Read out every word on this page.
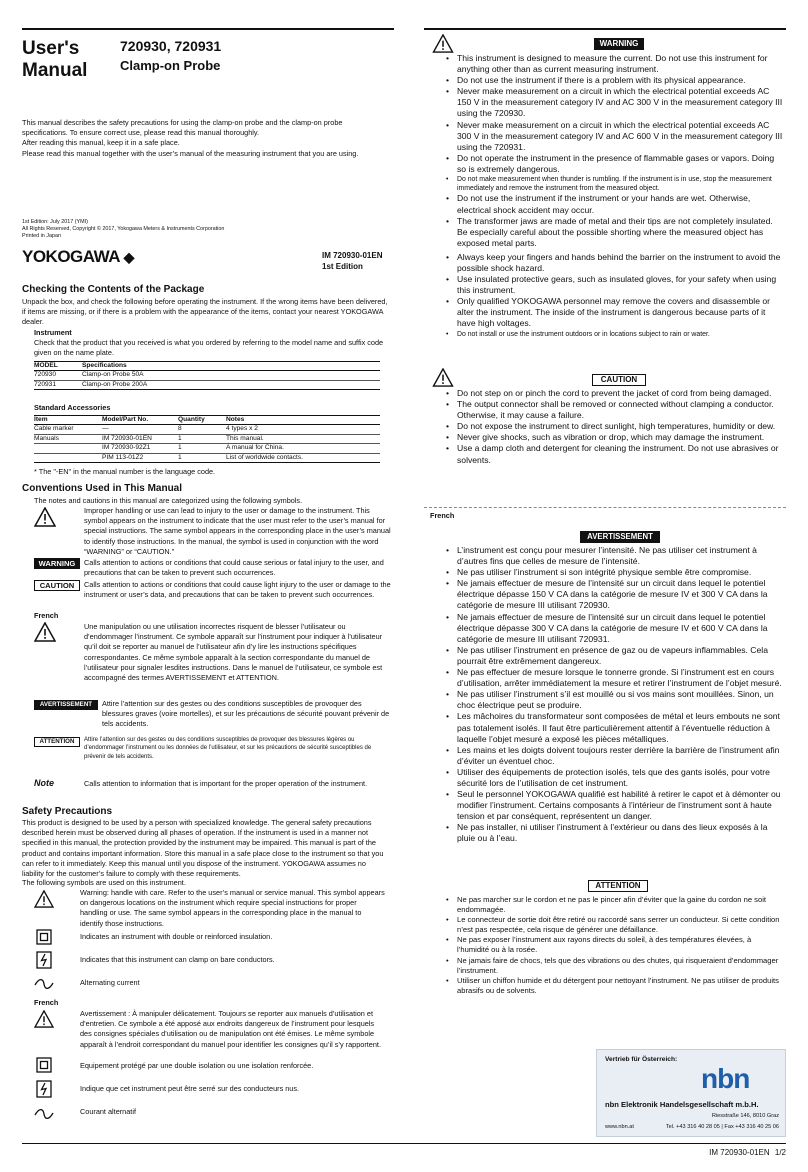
User's
Manual
720930, 720931
Clamp-on Probe
This manual describes the safety precautions for using the clamp-on probe and the clamp-on probe specifications. To ensure correct use, please read this manual thoroughly.
After reading this manual, keep it in a safe place.
Please read this manual together with the user’s manual of the measuring instrument that you are using.
1st Edition: July 2017 (YMI)
All Rights Reserved, Copyright © 2017, Yokogawa Meters & Instruments Corporation
Printed in Japan
YOKOGAWA ◆	IM 720930-01EN
1st Edition
Checking the Contents of the Package
Unpack the box, and check the following before operating the instrument. If the wrong items have been delivered, if items are missing, or if there is a problem with the appearance of the items, contact your nearest YOKOGAWA dealer.
Instrument
Check that the product that you received is what you ordered by referring to the model name and suffix code given on the name plate.
MODEL	Specifications
720930	Clamp-on Probe 50A
720931	Clamp-on Probe 200A
Standard Accessories
Item	Model/Part No.	Quantity	Notes
Cable marker	—	8	4 types x 2
Manuals	IM 720930-01EN	1	This manual.
	IM 720930-92Z1	1	A manual for China.
	PIM 113-01Z2	1	List of worldwide contacts.
* The "-EN" in the manual number is the language code.
Conventions Used in This Manual
The notes and cautions in this manual are categorized using the following symbols.
Improper handling or use can lead to injury to the user or damage to the instrument. This symbol appears on the instrument to indicate that the user must refer to the user’s manual for special instructions. The same symbol appears in the corresponding place in the user’s manual to identify those instructions. In the manual, the symbol is used in conjunction with the word “WARNING” or “CAUTION.”
WARNING	Calls attention to actions or conditions that could cause serious or fatal injury to the user, and precautions that can be taken to prevent such occurrences.
CAUTION	Calls attention to actions or conditions that could cause light injury to the user or damage to the instrument or user’s data, and precautions that can be taken to prevent such occurrences.
French
Une manipulation ou une utilisation incorrectes risquent de blesser l’utilisateur ou d’endommager l’instrument. Ce symbole apparaît sur l’instrument pour indiquer à l’utilisateur qu’il doit se reporter au manuel de l’utilisateur afin d’y lire les instructions spécifiques correspondantes. Ce même symbole apparaît à la section correspondante du manuel de l’utilisateur pour signaler lesdites instructions. Dans le manuel de l’utilisateur, ce symbole est accompagné des termes AVERTISSEMENT et ATTENTION.
AVERTISSEMENT	Attire l’attention sur des gestes ou des conditions susceptibles de provoquer des blessures graves (voire mortelles), et sur les précautions de sécurité pouvant prévenir de tels accidents.
ATTENTION	Attire l’attention sur des gestes ou des conditions susceptibles de provoquer des blessures légères ou d’endommager l’instrument ou les données de l’utilisateur, et sur les précautions de sécurité susceptibles de prévenir de tels accidents.
Note	Calls attention to information that is important for the proper operation of the instrument.
Safety Precautions
This product is designed to be used by a person with specialized knowledge. The general safety precautions described herein must be observed during all phases of operation. If the instrument is used in a manner not specified in this manual, the protection provided by the instrument may be impaired. This manual is part of the product and contains important information. Store this manual in a safe place close to the instrument so that you can refer to it immediately. Keep this manual until you dispose of the instrument. YOKOGAWA assumes no liability for the customer’s failure to comply with these requirements.
The following symbols are used on this instrument.
Warning: handle with care. Refer to the user’s manual or service manual. This symbol appears on dangerous locations on the instrument which require special instructions for proper handling or use. The same symbol appears in the corresponding place in the manual to identify those instructions.
Indicates an instrument with double or reinforced insulation.
Indicates that this instrument can clamp on bare conductors.
Alternating current
French
Avertissement : À manipuler délicatement. Toujours se reporter aux manuels d’utilisation et d’entretien. Ce symbole a été apposé aux endroits dangereux de l’instrument pour lesquels des consignes spéciales d’utilisation ou de manipulation ont été émises. Le même symbole apparaît à l’endroit correspondant du manuel pour identifier les consignes qu’il s’y rapportent.
Equipement protégé par une double isolation ou une isolation renforcée.
Indique que cet instrument peut être serré sur des conducteurs nus.
Courant alternatif
WARNING
• This instrument is designed to measure the current. Do not use this instrument for anything other than as current measuring instrument.
• Do not use the instrument if there is a problem with its physical appearance.
• Never make measurement on a circuit in which the electrical potential exceeds AC 150 V in the measurement category IV and AC 300 V in the measurement category III using the 720930.
• Never make measurement on a circuit in which the electrical potential exceeds AC 300 V in the measurement category IV and AC 600 V in the measurement category III using the 720931.
• Do not operate the instrument in the presence of flammable gases or vapors. Doing so is extremely dangerous.
• Do not make measurement when thunder is rumbling. If the instrument is in use, stop the measurement immediately and remove the instrument from the measured object.
• Do not use the instrument if the instrument or your hands are wet. Otherwise, electrical shock accident may occur.
• The transformer jaws are made of metal and their tips are not completely insulated. Be especially careful about the possible shorting where the measured object has exposed metal parts.
• Always keep your fingers and hands behind the barrier on the instrument to avoid the possible shock hazard.
• Use insulated protective gears, such as insulated gloves, for your safety when using this instrument.
• Only qualified YOKOGAWA personnel may remove the covers and disassemble or alter the instrument. The inside of the instrument is dangerous because parts of it have high voltages.
• Do not install or use the instrument outdoors or in locations subject to rain or water.
CAUTION
• Do not step on or pinch the cord to prevent the jacket of cord from being damaged.
• The output connector shall be removed or connected without clamping a conductor. Otherwise, it may cause a failure.
• Do not expose the instrument to direct sunlight, high temperatures, humidity or dew.
• Never give shocks, such as vibration or drop, which may damage the instrument.
• Use a damp cloth and detergent for cleaning the instrument. Do not use abrasives or solvents.
French
AVERTISSEMENT
• L’instrument est conçu pour mesurer l’intensité. Ne pas utiliser cet instrument à d’autres fins que celles de mesure de l’intensité.
• Ne pas utiliser l’instrument si son intégrité physique semble être compromise.
• Ne jamais effectuer de mesure de l’intensité sur un circuit dans lequel le potentiel électrique dépasse 150 V CA dans la catégorie de mesure IV et 300 V CA dans la catégorie de mesure III utilisant 720930.
• Ne jamais effectuer de mesure de l’intensité sur un circuit dans lequel le potentiel électrique dépasse 300 V CA dans la catégorie de mesure IV et 600 V CA dans la catégorie de mesure III utilisant 720931.
• Ne pas utiliser l’instrument en présence de gaz ou de vapeurs inflammables. Cela pourrait être extrêmement dangereux.
• Ne pas effectuer de mesure lorsque le tonnerre gronde. Si l’instrument est en cours d’utilisation, arrêter immédiatement la mesure et retirer l’instrument de l’objet mesuré.
• Ne pas utiliser l’instrument s’il est mouillé ou si vos mains sont mouillées. Sinon, un choc électrique peut se produire.
• Les mâchoires du transformateur sont composées de métal et leurs embouts ne sont pas totalement isolés. Il faut être particulièrement attentif à l’éventuelle réduction à laquelle l’objet mesuré a exposé les pièces métalliques.
• Les mains et les doigts doivent toujours rester derrière la barrière de l’instrument afin d’éviter un éventuel choc.
• Utiliser des équipements de protection isolés, tels que des gants isolés, pour votre sécurité lors de l’utilisation de cet instrument.
• Seul le personnel YOKOGAWA qualifié est habilité à retirer le capot et à démonter ou modifier l’instrument. Certains composants à l’intérieur de l’instrument sont à haute tension et par conséquent, représentent un danger.
• Ne pas installer, ni utiliser l’instrument à l’extérieur ou dans des lieux exposés à la pluie ou à l’eau.
ATTENTION
• Ne pas marcher sur le cordon et ne pas le pincer afin d’éviter que la gaine du cordon ne soit endommagée.
• Le connecteur de sortie doit être retiré ou raccordé sans serrer un conducteur. Si cette condition n’est pas respectée, cela risque de générer une défaillance.
• Ne pas exposer l’instrument aux rayons directs du soleil, à des températures élevées, à l’humidité ou à la rosée.
• Ne jamais faire de chocs, tels que des vibrations ou des chutes, qui risqueraient d’endommager l’instrument.
• Utiliser un chiffon humide et du détergent pour nettoyant l’instrument. Ne pas utiliser de produits abrasifs ou de solvents.
Vertrieb für Österreich:
nbn
nbn Elektronik Handelsgesellschaft m.b.H.
Riesstraße 146, 8010 Graz
www.nbn.at	Tel. +43 316 40 28 05 | Fax +43 316 40 25 06
IM 720930-01EN 1/2
